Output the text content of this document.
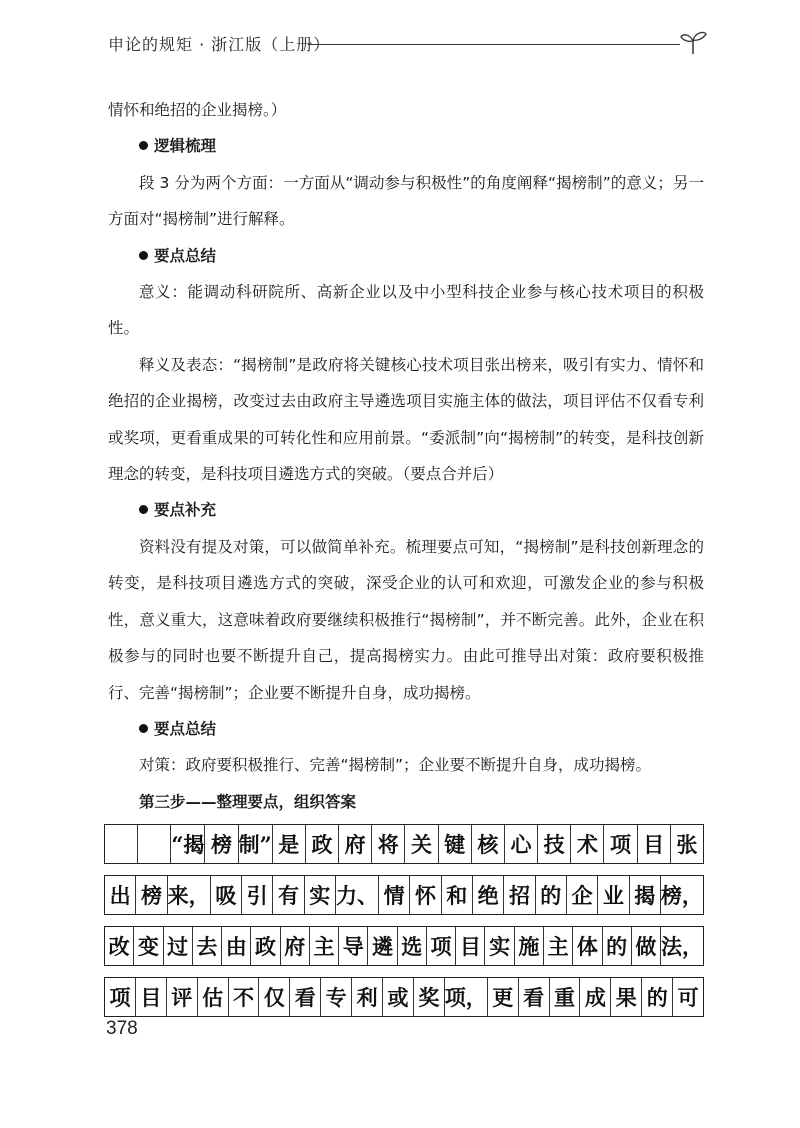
申论的规矩 · 浙江版（上册）

情怀和绝招的企业揭榜。）

逻辑梳理

段 3 分为两个方面：一方面从“调动参与积极性”的角度阐释“揭榜制”的意义；另一方面对“揭榜制”进行解释。

要点总结

意义：能调动科研院所、高新企业以及中小型科技企业参与核心技术项目的积极性。

释义及表态：“揭榜制”是政府将关键核心技术项目张出榜来，吸引有实力、情怀和绝招的企业揭榜，改变过去由政府主导遴选项目实施主体的做法，项目评估不仅看专利或奖项，更看重成果的可转化性和应用前景。“委派制”向“揭榜制”的转变，是科技创新理念的转变，是科技项目遴选方式的突破。（要点合并后）

要点补充

资料没有提及对策，可以做简单补充。梳理要点可知，“揭榜制”是科技创新理念的转变，是科技项目遴选方式的突破，深受企业的认可和欢迎，可激发企业的参与积极性，意义重大，这意味着政府要继续积极推行“揭榜制”，并不断完善。此外，企业在积极参与的同时也要不断提升自己，提高揭榜实力。由此可推导出对策：政府要积极推行、完善“揭榜制”；企业要不断提升自身，成功揭榜。

要点总结

对策：政府要积极推行、完善“揭榜制”；企业要不断提升自身，成功揭榜。

第三步——整理要点，组织答案

“揭 榜 制” 是 政 府 将 关 键 核 心 技 术 项 目 张
出 榜 来， 吸 引 有 实 力、 情 怀 和 绝 招 的 企 业 揭 榜，
改 变 过 去 由 政 府 主 导 遴 选 项 目 实 施 主 体 的 做 法，
项 目 评 估 不 仅 看 专 利 或 奖 项， 更 看 重 成 果 的 可
378
